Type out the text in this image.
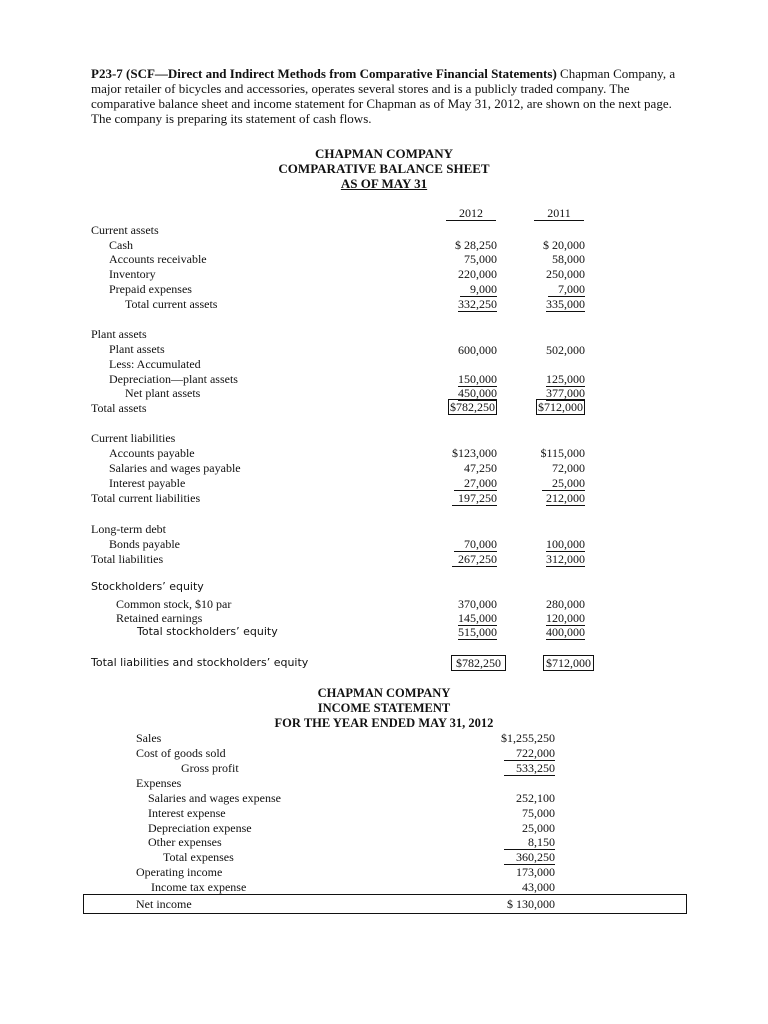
P23-7 (SCF—Direct and Indirect Methods from Comparative Financial Statements) Chapman Company, a major retailer of bicycles and accessories, operates several stores and is a publicly traded company. The comparative balance sheet and income statement for Chapman as of May 31, 2012, are shown on the next page. The company is preparing its statement of cash flows.
CHAPMAN COMPANY
COMPARATIVE BALANCE SHEET
AS OF MAY 31
2012	2011
Current assets
Cash	$ 28,250	$ 20,000
Accounts receivable	75,000	58,000
Inventory	220,000	250,000
Prepaid expenses	9,000	7,000
Total current assets	332,250	335,000
Plant assets
Plant assets	600,000	502,000
Less: Accumulated
Depreciation—plant assets	150,000	125,000
Net plant assets	450,000	377,000
Total assets	$782,250	$712,000
Current liabilities
Accounts payable	$123,000	$115,000
Salaries and wages payable	47,250	72,000
Interest payable	27,000	25,000
Total current liabilities	197,250	212,000
Long-term debt
Bonds payable	70,000	100,000
Total liabilities	267,250	312,000
Stockholders’ equity
Common stock, $10 par	370,000	280,000
Retained earnings	145,000	120,000
Total stockholders’ equity	515,000	400,000
Total liabilities and stockholders’ equity	$782,250	$712,000
CHAPMAN COMPANY
INCOME STATEMENT
FOR THE YEAR ENDED MAY 31, 2012
Sales	$1,255,250
Cost of goods sold	722,000
Gross profit	533,250
Expenses
Salaries and wages expense	252,100
Interest expense	75,000
Depreciation expense	25,000
Other expenses	8,150
Total expenses	360,250
Operating income	173,000
Income tax expense	43,000
Net income	$ 130,000
